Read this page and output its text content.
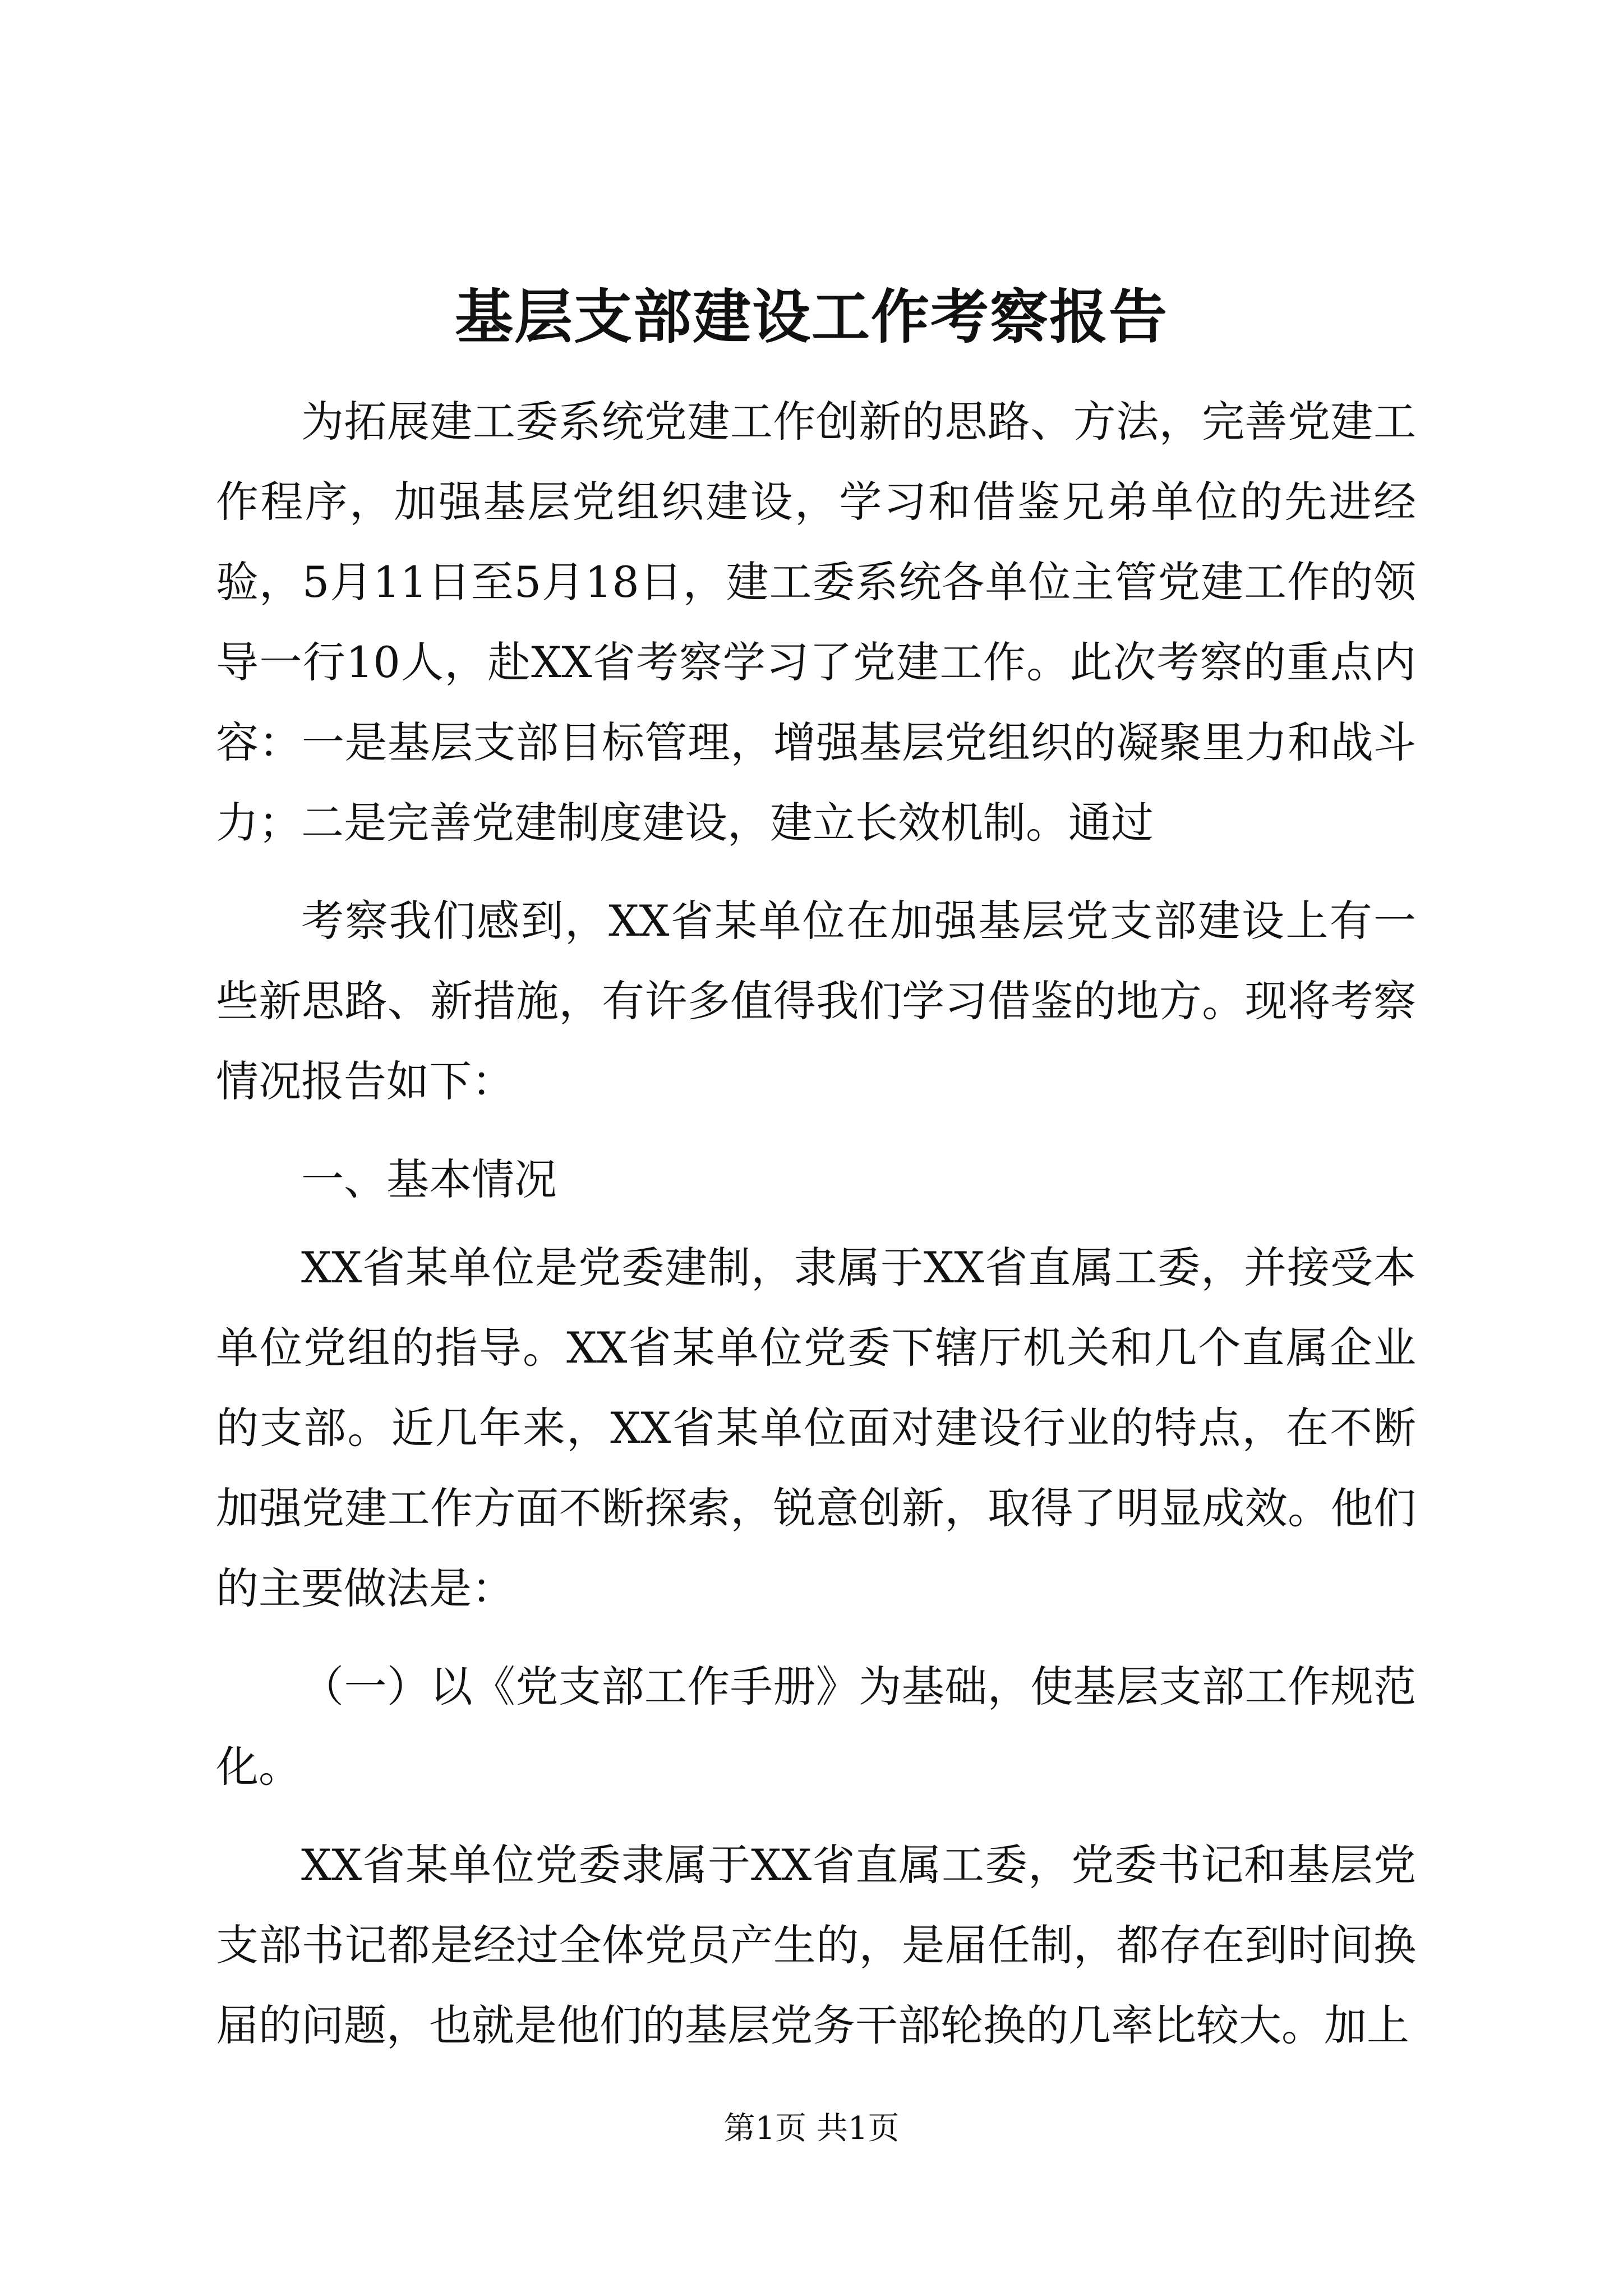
基层支部建设工作考察报告

为拓展建工委系统党建工作创新的思路、方法，完善党建工作程序，加强基层党组织建设，学习和借鉴兄弟单位的先进经验，5月11日至5月18日，建工委系统各单位主管党建工作的领导一行10人，赴XX省考察学习了党建工作。此次考察的重点内容：一是基层支部目标管理，增强基层党组织的凝聚里力和战斗力；二是完善党建制度建设，建立长效机制。通过

考察我们感到，XX省某单位在加强基层党支部建设上有一些新思路、新措施，有许多值得我们学习借鉴的地方。现将考察情况报告如下：

一、基本情况

XX省某单位是党委建制，隶属于XX省直属工委，并接受本单位党组的指导。XX省某单位党委下辖厅机关和几个直属企业的支部。近几年来，XX省某单位面对建设行业的特点，在不断加强党建工作方面不断探索，锐意创新，取得了明显成效。他们的主要做法是：

（一）以《党支部工作手册》为基础，使基层支部工作规范化。

XX省某单位党委隶属于XX省直属工委，党委书记和基层党支部书记都是经过全体党员产生的，是届任制，都存在到时间换届的问题，也就是他们的基层党务干部轮换的几率比较大。加上

第1页 共1页
